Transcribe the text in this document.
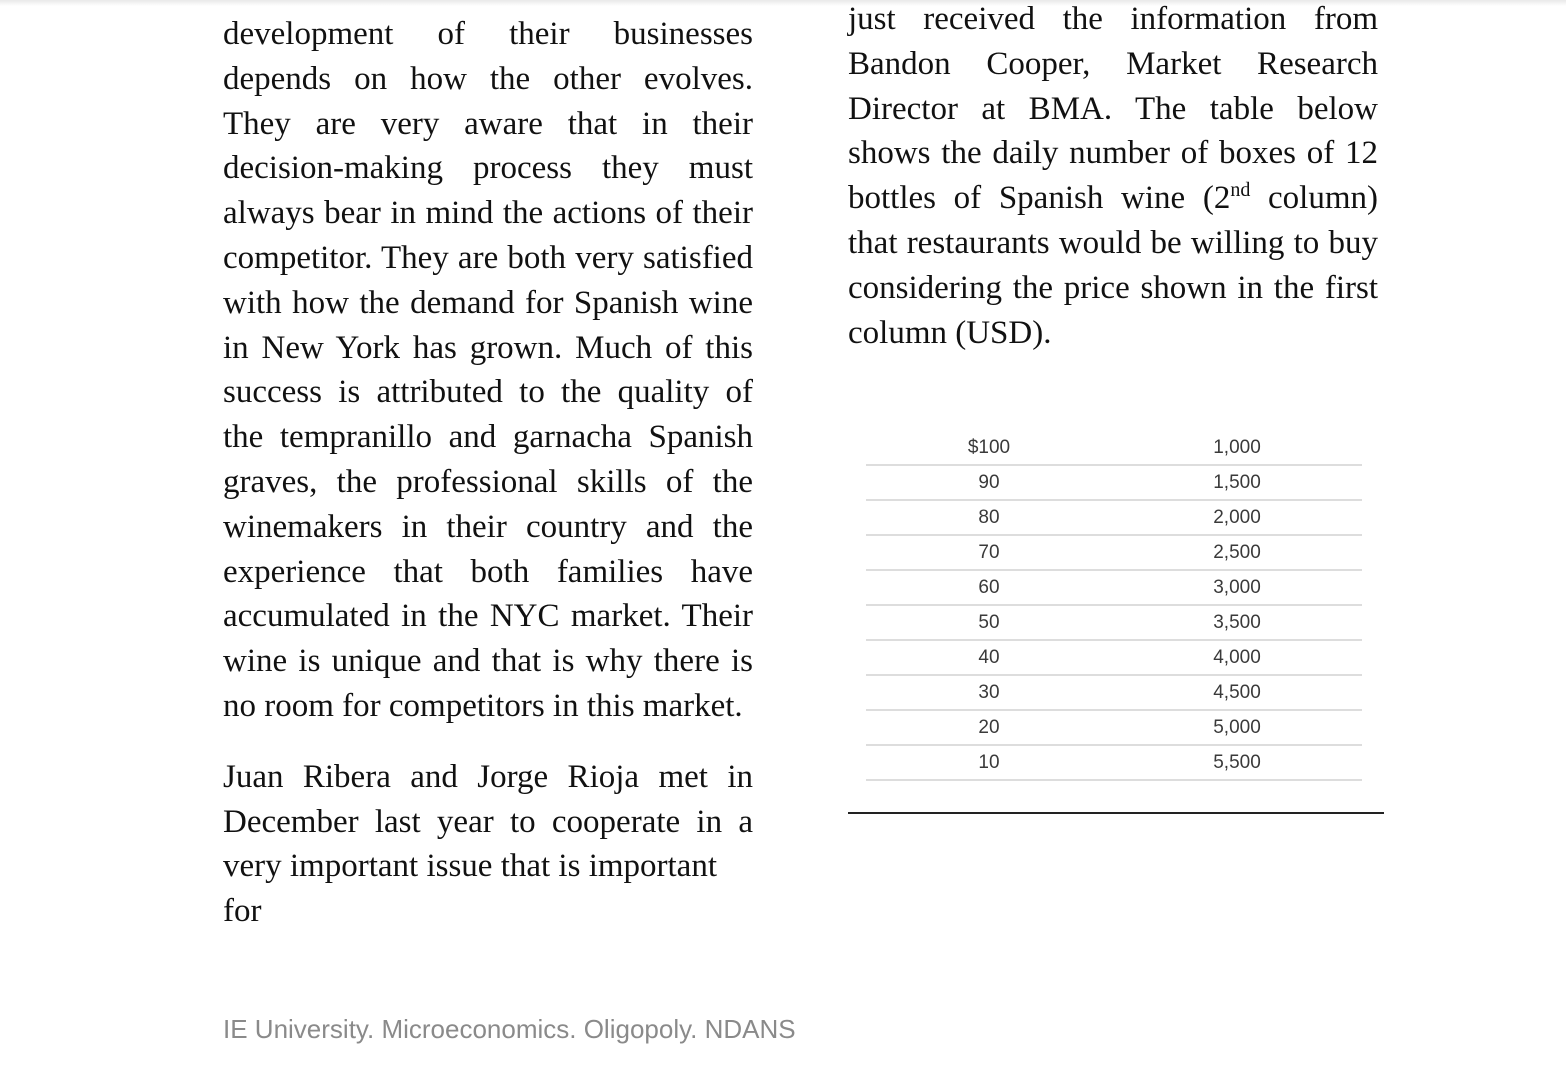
development of their businesses depends on how the other evolves. They are very aware that in their decision-making process they must always bear in mind the actions of their competitor. They are both very satisfied with how the demand for Spanish wine in New York has grown. Much of this success is attributed to the quality of the tempranillo and garnacha Spanish graves, the professional skills of the winemakers in their country and the experience that both families have accumulated in the NYC market. Their wine is unique and that is why there is no room for competitors in this market.

Juan Ribera and Jorge Rioja met in December last year to cooperate in a very important issue that is important
for

just received the information from Bandon Cooper, Market Research Director at BMA. The table below shows the daily number of boxes of 12 bottles of Spanish wine (2nd column) that restaurants would be willing to buy considering the price shown in the first column (USD).

$100	1,000
90	1,500
80	2,000
70	2,500
60	3,000
50	3,500
40	4,000
30	4,500
20	5,000
10	5,500
IE University. Microeconomics. Oligopoly. NDANS
